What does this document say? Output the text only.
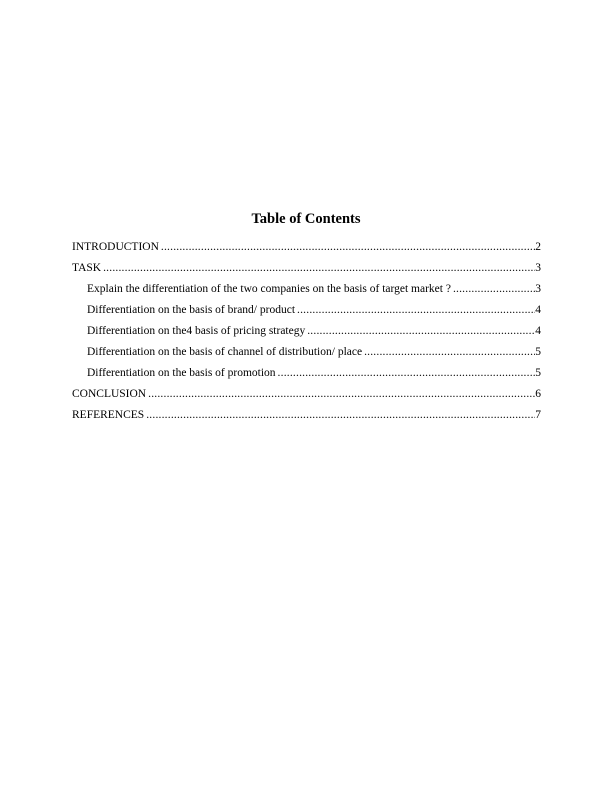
Table of Contents
INTRODUCTION .....	2
TASK .....	3
Explain the differentiation of the two companies on the basis of target market ? .....	3
Differentiation on the basis of brand/ product .....	4
Differentiation on the4 basis of pricing strategy .....	4
Differentiation on the basis of channel of distribution/ place .....	5
Differentiation on the basis of promotion .....	5
CONCLUSION .....	6
REFERENCES .....	7
